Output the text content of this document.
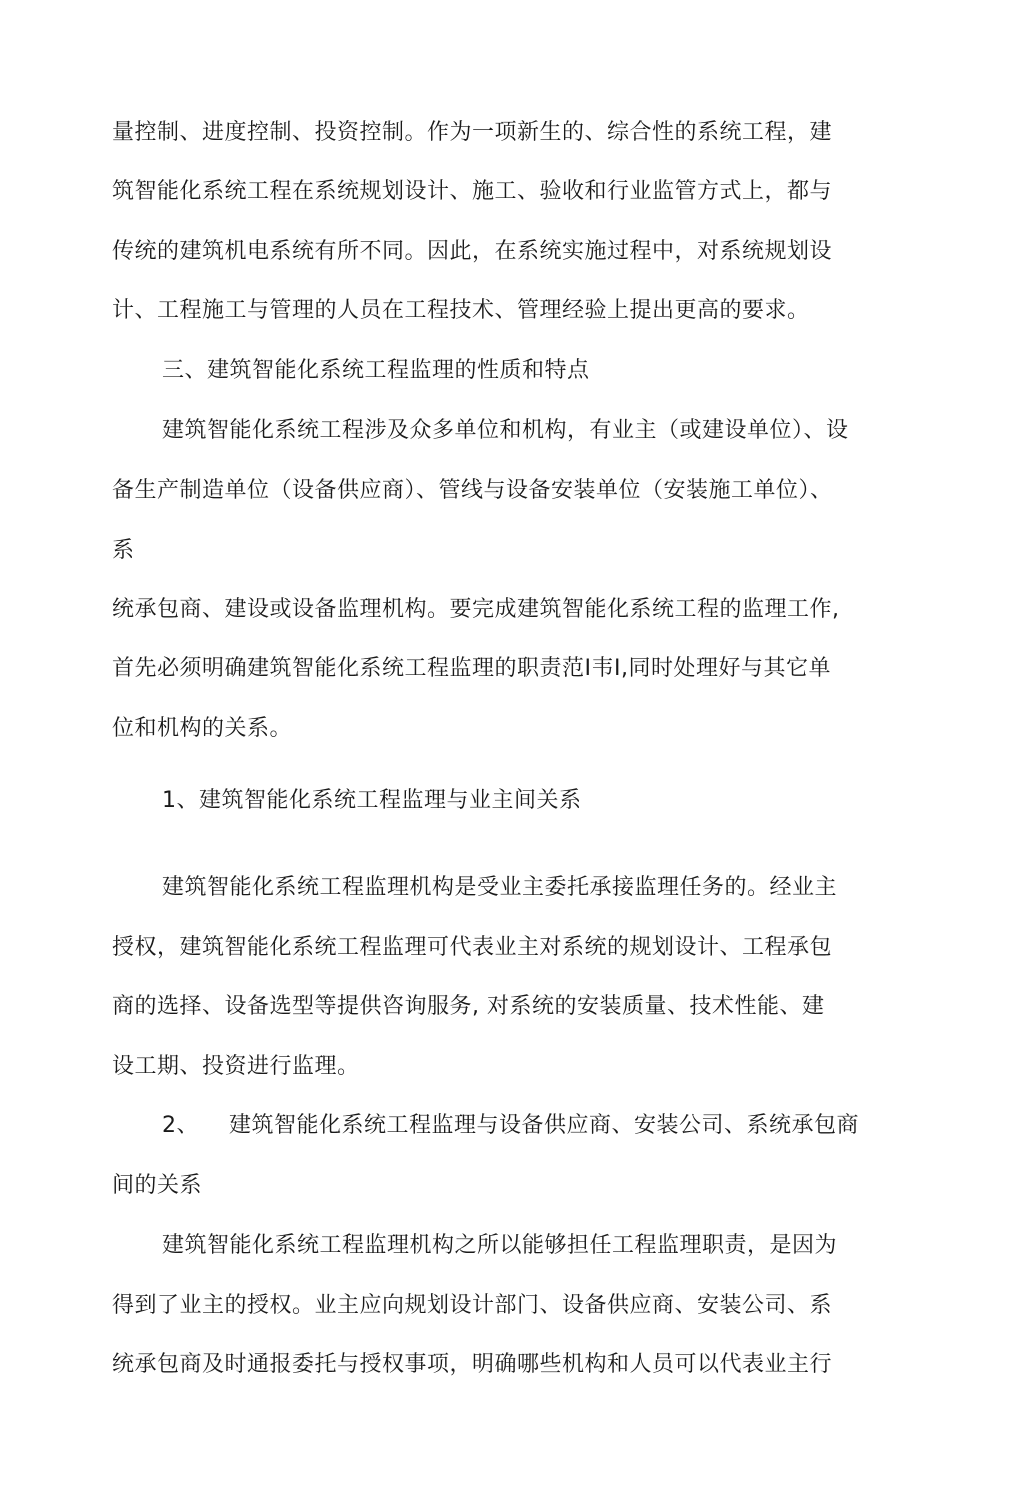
量控制、进度控制、投资控制。作为一项新生的、综合性的系统工程，建
筑智能化系统工程在系统规划设计、施工、验收和行业监管方式上，都与
传统的建筑机电系统有所不同。因此，在系统实施过程中，对系统规划设
计、工程施工与管理的人员在工程技术、管理经验上提出更高的要求。
三、建筑智能化系统工程监理的性质和特点
建筑智能化系统工程涉及众多单位和机构，有业主（或建设单位）、设
备生产制造单位（设备供应商）、管线与设备安装单位（安装施工单位）、
系
统承包商、建设或设备监理机构。要完成建筑智能化系统工程的监理工作,
首先必须明确建筑智能化系统工程监理的职责范I韦I,同时处理好与其它单
位和机构的关系。
1、建筑智能化系统工程监理与业主间关系
建筑智能化系统工程监理机构是受业主委托承接监理任务的。经业主
授权，建筑智能化系统工程监理可代表业主对系统的规划设计、工程承包
商的选择、设备选型等提供咨询服务, 对系统的安装质量、技术性能、建
设工期、投资进行监理。
2、 建筑智能化系统工程监理与设备供应商、安装公司、系统承包商
间的关系
建筑智能化系统工程监理机构之所以能够担任工程监理职责，是因为
得到了业主的授权。业主应向规划设计部门、设备供应商、安装公司、系
统承包商及时通报委托与授权事项，明确哪些机构和人员可以代表业主行
